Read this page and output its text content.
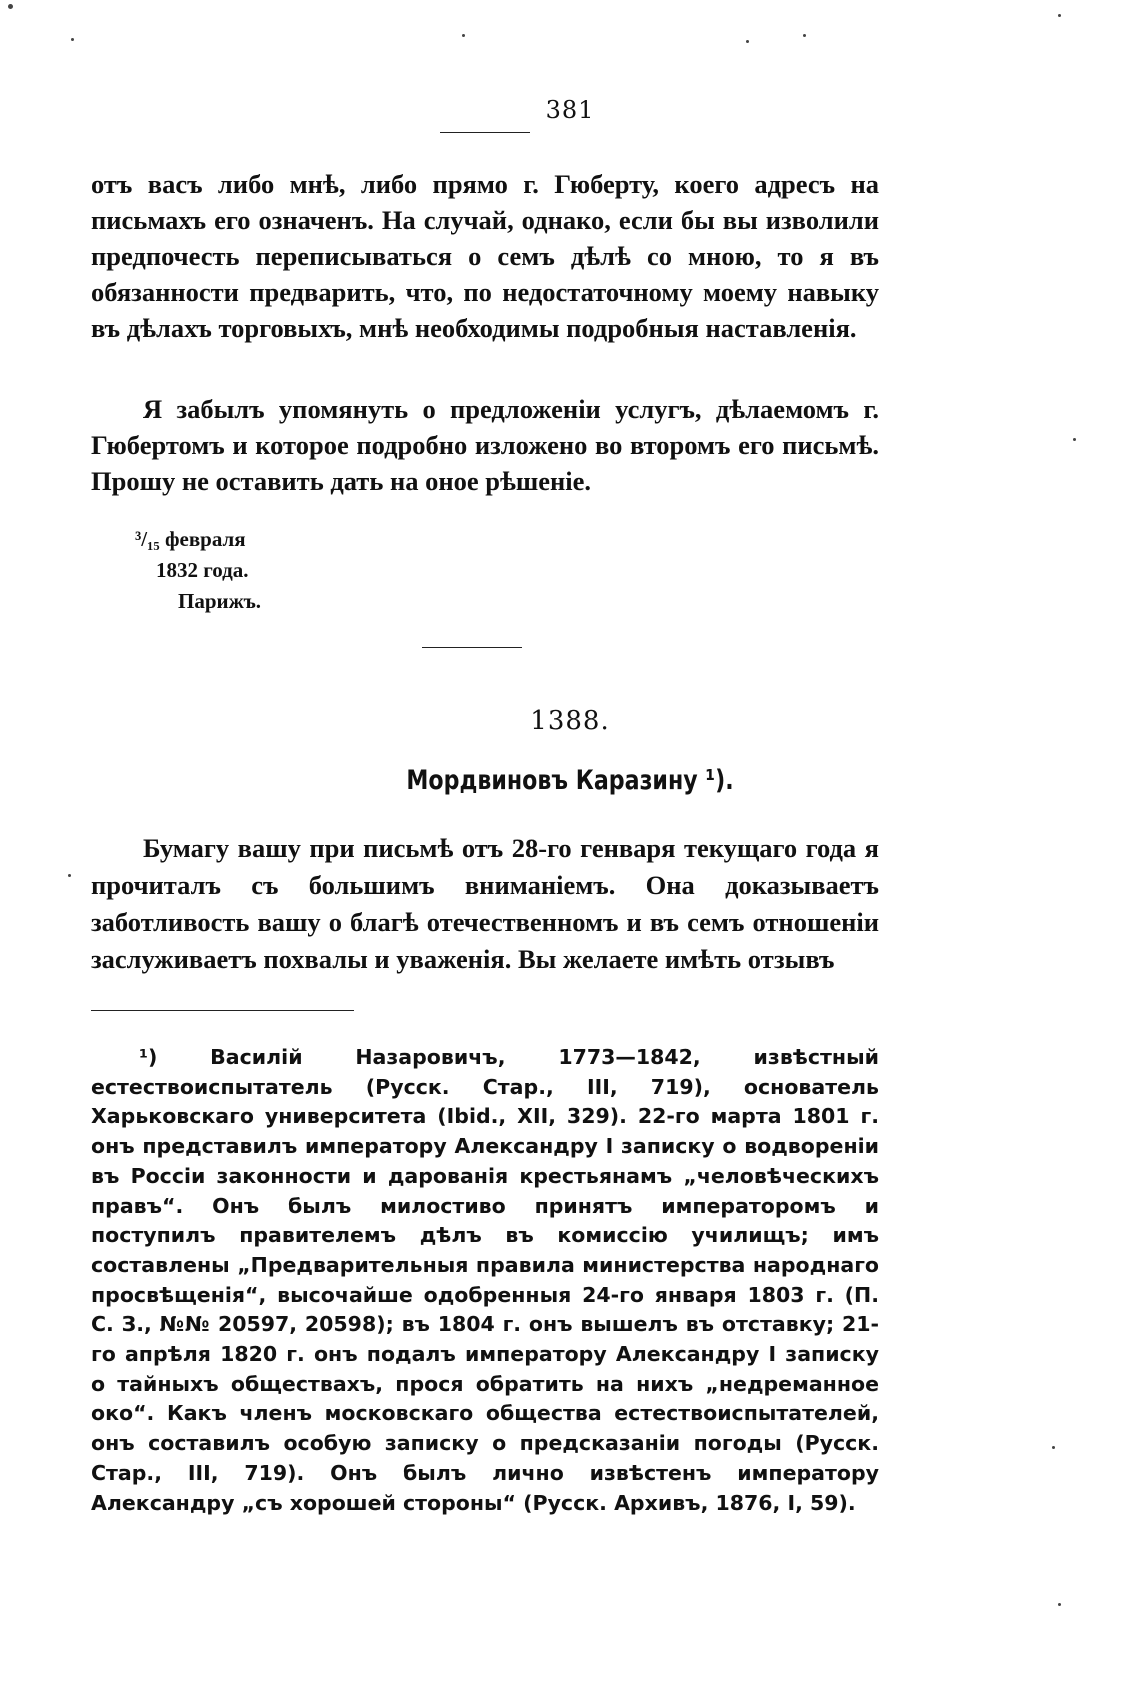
381

отъ васъ либо мнѣ, либо прямо г. Гюберту, коего адресъ на письмахъ его означенъ. На случай, однако, если бы вы изволили предпочесть переписываться о семъ дѣлѣ со мною, то я въ обязанности предварить, что, по недостаточному моему навыку въ дѣлахъ торговыхъ, мнѣ необходимы подробныя наставленія.

Я забылъ упомянуть о предложеніи услугъ, дѣлаемомъ г. Гюбертомъ и которое подробно изложено во второмъ его письмѣ. Прошу не оставить дать на оное рѣшеніе.

³/₁₅ февраля
1832 года.
Парижъ.
1388.
Мордвиновъ Каразину ¹).

Бумагу вашу при письмѣ отъ 28-го генваря текущаго года я прочиталъ съ большимъ вниманіемъ. Она доказываетъ заботливость вашу о благѣ отечественномъ и въ семъ отношеніи заслуживаетъ похвалы и уваженія. Вы желаете имѣть отзывъ

¹) Василій Назаровичъ, 1773—1842, извѣстный естествоиспытатель (Русск. Стар., III, 719), основатель Харьковскаго университета (Ibid., XII, 329). 22-го марта 1801 г. онъ представилъ императору Александру I записку о водвореніи въ Россіи законности и дарованія крестьянамъ „человѣческихъ правъ“. Онъ былъ милостиво принятъ императоромъ и поступилъ правителемъ дѣлъ въ комиссію училищъ; имъ составлены „Предварительныя правила министерства народнаго просвѣщенія“, высочайше одобренныя 24-го января 1803 г. (П. С. З., №№ 20597, 20598); въ 1804 г. онъ вышелъ въ отставку; 21-го апрѣля 1820 г. онъ подалъ императору Александру I записку о тайныхъ обществахъ, прося обратить на нихъ „недреманное око“. Какъ членъ московскаго общества естествоиспытателей, онъ составилъ особую записку о предсказаніи погоды (Русск. Стар., III, 719). Онъ былъ лично извѣстенъ императору Александру „съ хорошей стороны“ (Русск. Архивъ, 1876, I, 59).
